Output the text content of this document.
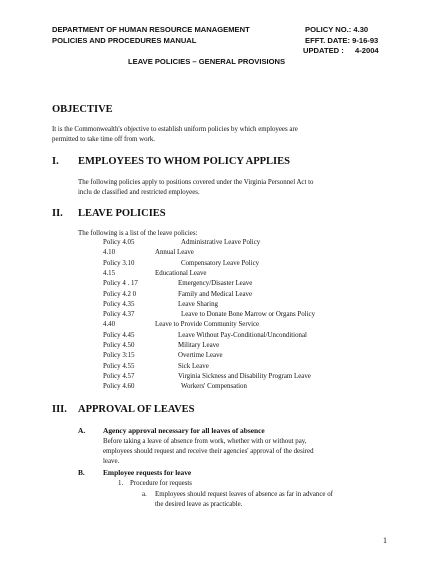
DEPARTMENT OF HUMAN RESOURCE MANAGEMENT
POLICIES AND PROCEDURES MANUAL
POLICY NO.: 4.30
EFFT. DATE: 9-16-93
UPDATED : 4-2004
LEAVE POLICIES – GENERAL PROVISIONS
OBJECTIVE
It is the Commonwealth's objective to establish uniform policies by which employees are
permitted to take time off from work.
I. EMPLOYEES TO WHOM POLICY APPLIES
The following policies apply to positions covered under the Virginia Personnel Act to
inclu de classified and restricted employees.
II. LEAVE POLICIES
The following is a list of the leave policies:
Policy 4.05	Administrative Leave Policy
4.10	Annual Leave
Policy 3.10	Compensatory Leave Policy
4.15	Educational Leave
Policy 4 . 17	Emergency/Disaster Leave
Policy 4.2 0	Family and Medical Leave
Policy 4.35	Leave Sharing
Policy 4.37	Leave to Donate Bone Marrow or Organs Policy
4.40	Leave to Provide Community Service
Policy 4.45	Leave Without Pay-Conditional/Unconditional
Policy 4.50	Military Leave
Policy 3:15	Overtime Leave
Policy 4.55	Sick Leave
Policy 4.57	Virginia Sickness and Disability Program Leave
Policy 4.60	Workers' Compensation
III. APPROVAL OF LEAVES
A. Agency approval necessary for all leaves of absence
Before taking a leave of absence from work, whether with or without pay,
employees should request and receive their agencies' approval of the desired
leave.
B. Employee requests for leave
1. Procedure for requests
a. Employees should request leaves of absence as far in advance of
the desired leave as practicable.
1
